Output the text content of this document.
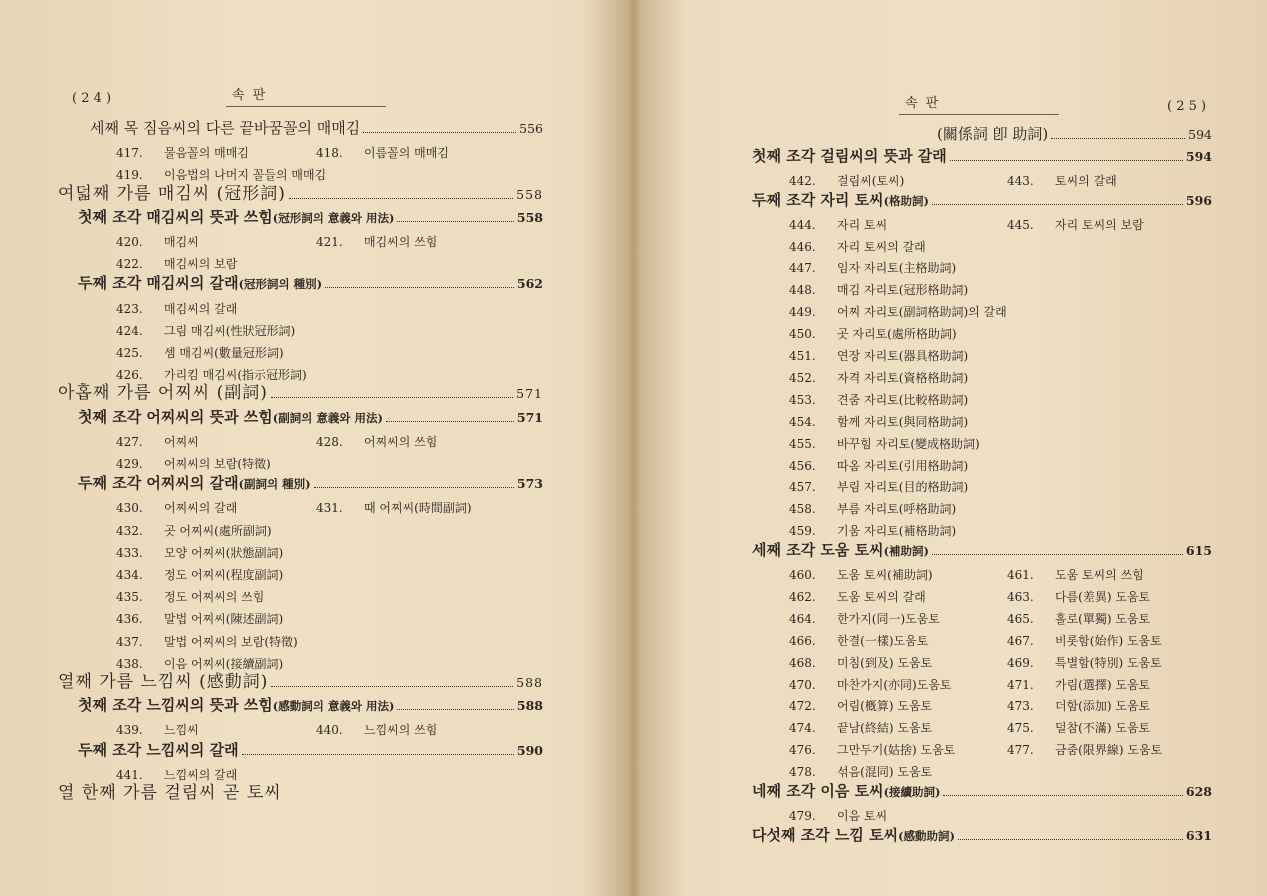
( 2 4 )	속 판
세째 목 짐음씨의 다른 끝바꿈꼴의 매매김	556
417. 물음꼴의 매매김	418. 이름꼴의 매매김
419. 이음법의 나머지 꼴들의 매매김
여덟째 가름 매김씨 (冠形詞)	558
첫째 조각 매김씨의 뜻과 쓰힘 (冠形詞의 意義와 用法)	558
420. 매김씨	421. 매김씨의 쓰힘
422. 매김씨의 보람
두째 조각 매김씨의 갈래 (冠形詞의 種別)	562
423. 매김씨의 갈래
424. 그림 매김씨(性狀冠形詞)
425. 셈 매김씨(數量冠形詞)
426. 가리킴 매김씨(指示冠形詞)
아홉째 가름 어찌씨 (副詞)	571
첫째 조각 어찌씨의 뜻과 쓰힘 (副詞의 意義와 用法)	571
427. 어찌씨	428. 어찌씨의 쓰힘
429. 어찌씨의 보람(特徵)
두째 조각 어찌씨의 갈래 (副詞의 種別)	573
430. 어찌씨의 갈래	431. 때 어찌씨(時間副詞)
432. 곳 어찌씨(處所副詞)
433. 모양 어찌씨(狀態副詞)
434. 정도 어찌씨(程度副詞)
435. 정도 어찌씨의 쓰힘
436. 말법 어찌씨(陳述副詞)
437. 말법 어찌씨의 보람(特徵)
438. 이음 어찌씨(接續副詞)
열째 가름 느낌씨 (感動詞)	588
첫째 조각 느낌씨의 뜻과 쓰힘 (感動詞의 意義와 用法)	588
439. 느낌씨	440. 느낌씨의 쓰힘
두째 조각 느낌씨의 갈래	590
441. 느낌씨의 갈래
열 한째 가름 걸림씨 곧 토씨
속 판	( 2 5 )
(關係詞 卽 助詞)	594
첫째 조각 걸림씨의 뜻과 갈래	594
442. 걸림씨(토씨)	443. 토씨의 갈래
두째 조각 자리 토씨 (格助詞)	596
444. 자리 토씨	445. 자리 토씨의 보람
446. 자리 토씨의 갈래
447. 임자 자리토(主格助詞)
448. 매김 자리토(冠形格助詞)
449. 어찌 자리토(副詞格助詞)의 갈래
450. 곳 자리토(處所格助詞)
451. 연장 자리토(器具格助詞)
452. 자격 자리토(資格格助詞)
453. 견줌 자리토(比較格助詞)
454. 함께 자리토(與同格助詞)
455. 바꾸힘 자리토(變成格助詞)
456. 따옴 자리토(引用格助詞)
457. 부림 자리토(目的格助詞)
458. 부름 자리토(呼格助詞)
459. 기움 자리토(補格助詞)
세째 조각 도움 토씨 (補助詞)	615
460. 도움 토씨(補助詞)	461. 도움 토씨의 쓰힘
462. 도움 토씨의 갈래	463. 다름(差異) 도움토
464. 한가지(同一)도움토	465. 홀로(單獨) 도움토
466. 한결(一樣)도움토	467. 비롯함(始作) 도움토
468. 미침(到及) 도움토	469. 특별함(特別) 도움토
470. 마찬가지(亦同)도움토	471. 가림(選擇) 도움토
472. 어림(槪算) 도움토	473. 더함(添加) 도움토
474. 끝남(終結) 도움토	475. 덜참(不滿) 도움토
476. 그만두기(姑捨) 도움토	477. 금줌(限界線) 도움토
478. 섞음(混同) 도움토
네째 조각 이음 토씨 (接續助詞)	628
479. 이음 토씨
다섯째 조각 느낌 토씨 (感動助詞)	631
